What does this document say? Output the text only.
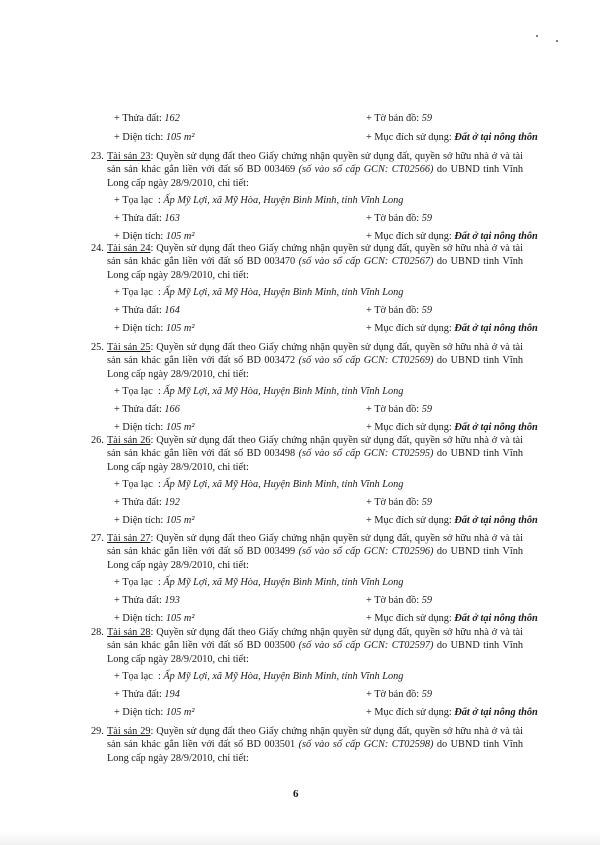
+ Thửa đất: 162	+ Tờ bản đồ: 59
+ Diện tích: 105 m²	+ Mục đích sử dụng: Đất ở tại nông thôn
23. Tài sản 23: Quyền sử dụng đất theo Giấy chứng nhận quyền sử dụng đất, quyền sở hữu nhà ở và tài sản sản khác gắn liền với đất số BD 003469 (số vào sổ cấp GCN: CT02566) do UBND tỉnh Vĩnh Long cấp ngày 28/9/2010, chi tiết:
+ Tọa lạc  : Ấp Mỹ Lợi, xã Mỹ Hòa, Huyện Bình Minh, tỉnh Vĩnh Long
+ Thửa đất: 163	+ Tờ bản đồ: 59
+ Diện tích: 105 m²	+ Mục đích sử dụng: Đất ở tại nông thôn
24. Tài sản 24: Quyền sử dụng đất theo Giấy chứng nhận quyền sử dụng đất, quyền sở hữu nhà ở và tài sản sản khác gắn liền với đất số BD 003470 (số vào sổ cấp GCN: CT02567) do UBND tỉnh Vĩnh Long cấp ngày 28/9/2010, chi tiết:
+ Tọa lạc  : Ấp Mỹ Lợi, xã Mỹ Hòa, Huyện Bình Minh, tỉnh Vĩnh Long
+ Thửa đất: 164	+ Tờ bản đồ: 59
+ Diện tích: 105 m²	+ Mục đích sử dụng: Đất ở tại nông thôn
25. Tài sản 25: Quyền sử dụng đất theo Giấy chứng nhận quyền sử dụng đất, quyền sở hữu nhà ở và tài sản sản khác gắn liền với đất số BD 003472 (số vào sổ cấp GCN: CT02569) do UBND tỉnh Vĩnh Long cấp ngày 28/9/2010, chi tiết:
+ Tọa lạc  : Ấp Mỹ Lợi, xã Mỹ Hòa, Huyện Bình Minh, tỉnh Vĩnh Long
+ Thửa đất: 166	+ Tờ bản đồ: 59
+ Diện tích: 105 m²	+ Mục đích sử dụng: Đất ở tại nông thôn
26. Tài sản 26: Quyền sử dụng đất theo Giấy chứng nhận quyền sử dụng đất, quyền sở hữu nhà ở và tài sản sản khác gắn liền với đất số BD 003498 (số vào sổ cấp GCN: CT02595) do UBND tỉnh Vĩnh Long cấp ngày 28/9/2010, chi tiết:
+ Tọa lạc  : Ấp Mỹ Lợi, xã Mỹ Hòa, Huyện Bình Minh, tỉnh Vĩnh Long
+ Thửa đất: 192	+ Tờ bản đồ: 59
+ Diện tích: 105 m²	+ Mục đích sử dụng: Đất ở tại nông thôn
27. Tài sản 27: Quyền sử dụng đất theo Giấy chứng nhận quyền sử dụng đất, quyền sở hữu nhà ở và tài sản sản khác gắn liền với đất số BD 003499 (số vào sổ cấp GCN: CT02596) do UBND tỉnh Vĩnh Long cấp ngày 28/9/2010, chi tiết:
+ Tọa lạc  : Ấp Mỹ Lợi, xã Mỹ Hòa, Huyện Bình Minh, tỉnh Vĩnh Long
+ Thửa đất: 193	+ Tờ bản đồ: 59
+ Diện tích: 105 m²	+ Mục đích sử dụng: Đất ở tại nông thôn
28. Tài sản 28: Quyền sử dụng đất theo Giấy chứng nhận quyền sử dụng đất, quyền sở hữu nhà ở và tài sản sản khác gắn liền với đất số BD 003500 (số vào sổ cấp GCN: CT02597) do UBND tỉnh Vĩnh Long cấp ngày 28/9/2010, chi tiết:
+ Tọa lạc  : Ấp Mỹ Lợi, xã Mỹ Hòa, Huyện Bình Minh, tỉnh Vĩnh Long
+ Thửa đất: 194	+ Tờ bản đồ: 59
+ Diện tích: 105 m²	+ Mục đích sử dụng: Đất ở tại nông thôn
29. Tài sản 29: Quyền sử dụng đất theo Giấy chứng nhận quyền sử dụng đất, quyền sở hữu nhà ở và tài sản sản khác gắn liền với đất số BD 003501 (số vào sổ cấp GCN: CT02598) do UBND tỉnh Vĩnh Long cấp ngày 28/9/2010, chi tiết:
6
